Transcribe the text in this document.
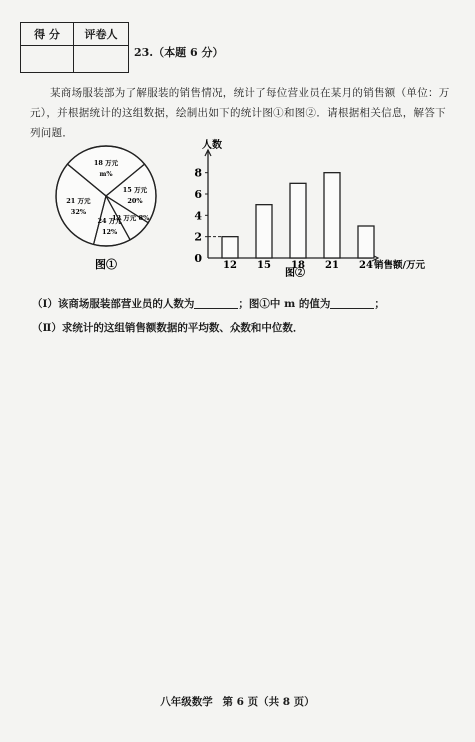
得 分	评卷人

23.（本题 6 分）
某商场服装部为了解服装的销售情况，统计了每位营业员在某月的销售额（单位：万元），并根据统计的这组数据，绘制出如下的统计图①和图②．请根据相关信息，解答下列问题．
18 万元
m%
15 万元
20%
12 万元 8%
24 万元
12%
21 万元
32%
图①
人数
销售额/万元
0
2
4
6
8
12 15 18 21 24
图②
（Ⅰ）该商场服装部营业员的人数为	；图①中 m 的值为	；
（Ⅱ）求统计的这组销售额数据的平均数、众数和中位数．
八年级数学 第 6 页（共 8 页）
